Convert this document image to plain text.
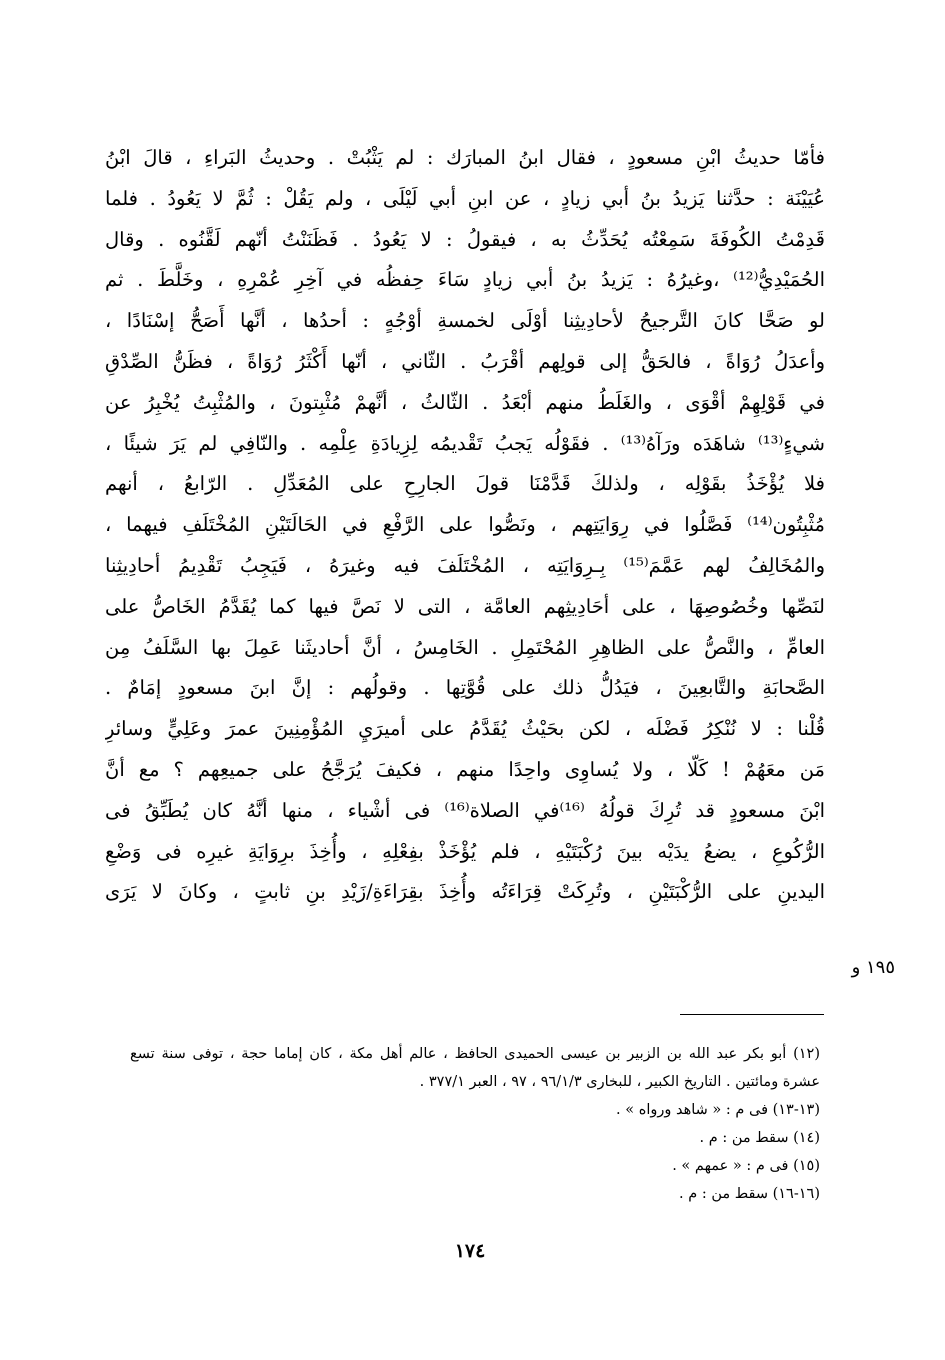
فأمّا حديثُ ابْنِ مسعودٍ ، فقال ابنُ المبارَك : لم يَثْبُتْ . وحديثُ البَراءِ ، قالَ ابْنُ
عُيَيْنَة : حدَّثنا يَزيدُ بنُ أبي زيادٍ ، عن ابنِ أبي لَيْلَى ، ولم يَقُلْ : ثُمَّ لا يَعُودُ . فلما
قَدِمْتُ الكُوفَةَ سَمِعْتُه يُحَدِّثُ به ، فيقولُ : لا يَعُودُ . فَظَنَنْتُ أنّهم لَقَّنُوه . وقال
الحُمَيْدِيُّ⁽¹²⁾ ،وغيرُهُ : يَزيدُ بنُ أبي زيادٍ سَاءَ حِفظُه في آخِرِ عُمْرِهِ ، وخَلَّطَ . ثم
لو صَحَّا كانَ التَّرجيحُ لأحادِيثِنا أوْلَى لخمسةِ أوْجُهٍ : أحدُها ، أنَّها أَصَحُّ إسْنَادًا ،
وأعدَلُ رُوَاةً ، فالحَقُّ إلى قولِهم أقْرَبُ . الثّاني ، أنّها أَكْثَرُ رُوَاةً ، فظَنُّ الصِّدْقِ
في قَوْلِهِمْ أقْوَى ، والغَلَطُ منهم أبْعَدُ . الثّالثُ ، أنَّهمْ مُثْبِتونَ ، والمُثْبِتُ يُخْبِرُ عن
شيءٍ⁽¹³⁾ شاهَدَه ورَآهُ⁽¹³⁾ . فقَوْلُه يَجبُ تَقْديمُه لِزِيادَةِ عِلْمِه . والنّافِي لم يَرَ شيئًا ،
فلا يُؤْخَذُ بقَوْلِه ، ولذلكَ قَدَّمْنَا قولَ الجارِحِ على المُعَدِّلِ . الرّابعُ ، أنهم
مُثْبِتُون⁽¹⁴⁾ فَصَّلُوا في رِوَايَتِهم ، ونَصُّوا على الرَّفْعِ في الحَالَتَيْنِ المُخْتَلَفِ فيهما ،
والمُخَالِفُ لهم عَمَّمَ⁽¹⁵⁾ بِـرِوَايَتِه ، المُخْتَلَفَ فيه وغيرَهُ ، فَيَجِبُ تَقْدِيمُ أحادِيثِنا
لنَصِّها وخُصُوصِهَا ، على أحَادِيثِهم العامَّة ، التى لا نَصَّ فيها كما يُقَدَّمُ الخَاصُّ على
العامِّ ، والنَّصُّ على الظاهِرِ المُحْتَمِلِ . الخَامِسُ ، أنَّ أحاديثَنا عَمِلَ بها السَّلَفُ مِن
الصَّحابَةِ والتَّابعِينَ ، فيَدُلُّ ذلك على قُوَّتِها . وقولُهم : إنَّ ابنَ مسعودٍ إمَامٌ .
قُلْنا : لا نُنْكِرُ فَضْلَه ، لكن بحَيْثُ يُقَدَّمُ على أميرَيِ المُؤْمِنِينَ عمرَ وعَلِيٍّ وسائرِ
مَن معَهُمْ ! كَلّا ، ولا يُساوِى واحِدًا منهم ، فكيفَ يُرَجَّحُ على جميعِهم ؟ مع أنَّ
ابْنَ مسعودٍ قد تُرِكَ قولُهُ ⁽¹⁶⁾في الصلاة⁽¹⁶⁾ فى أشْياء ، منها أنَّهُ كان يُطَبِّقُ فى
الرُّكُوعِ ، يضعُ يدَيْه بينَ رُكْبَتَيْهِ ، فلم يُؤْخَذْ بفِعْلِهِ ، وأُخِذَ برِوَايَةِ غيرِه فى وَضْعِ
اليدينِ على الرُّكْبَتَيْنِ ، وتُرِكَتْ قِرَاءَتُه وأُخِذَ بقِرَاءَةِ/زَيْدِ بنِ ثابتٍ ، وكانَ لا يَرَى
١٩٥ و
(١٢) أبو بكر عبد الله بن الزبير بن عيسى الحميدى الحافظ ، عالم أهل مكة ، كان إماما حجة ، توفى سنة تسع
عشرة ومائتين . التاريخ الكبير ، للبخارى ٩٦/١/٣ ، ٩٧ ، العبر ٣٧٧/١ .
(١٣-١٣) فى م : « شاهد ورواه » .
(١٤) سقط من : م .
(١٥) فى م : « عمهم » .
(١٦-١٦) سقط من : م .
١٧٤
